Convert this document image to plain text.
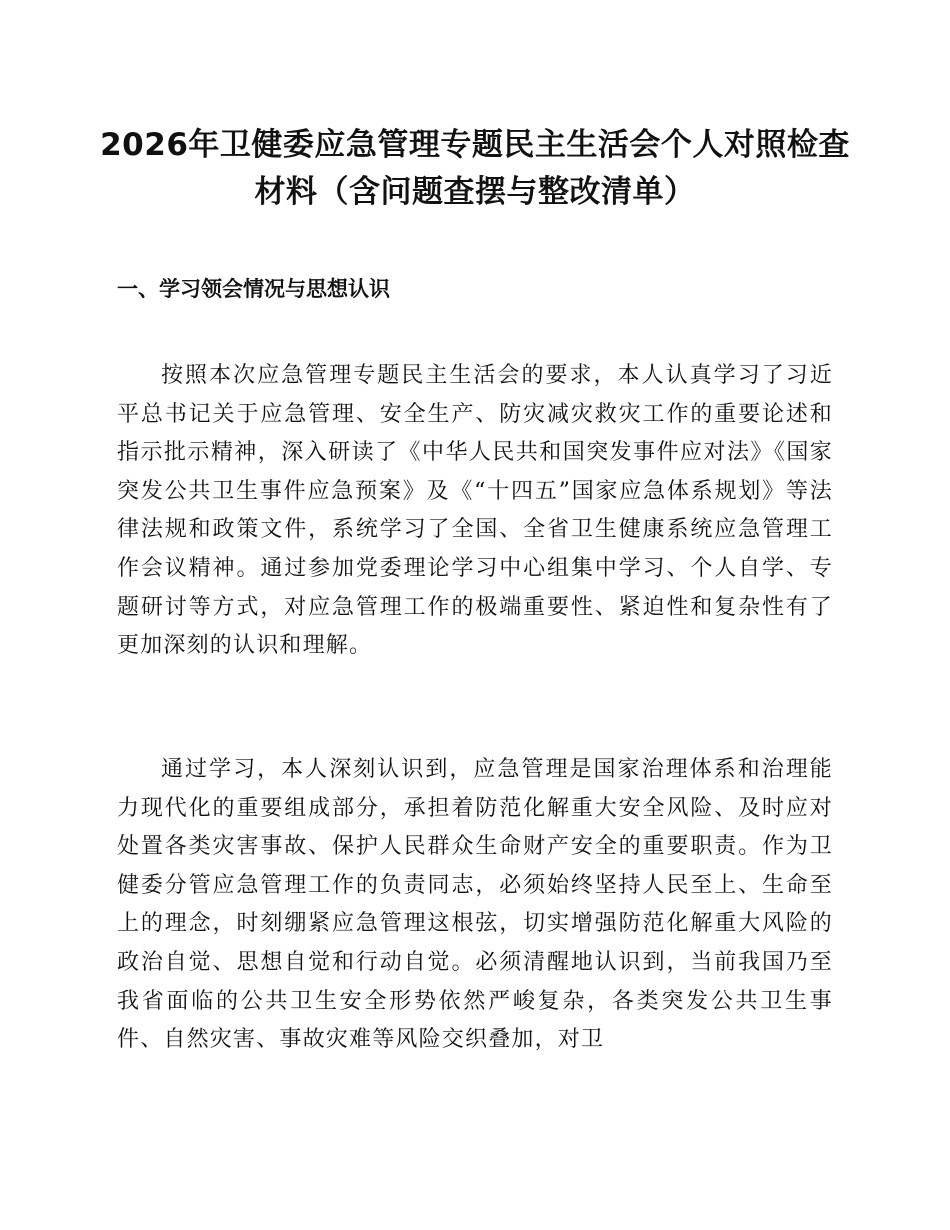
2026年卫健委应急管理专题民主生活会个人对照检查材料（含问题查摆与整改清单）
一、学习领会情况与思想认识

按照本次应急管理专题民主生活会的要求，本人认真学习了习近平总书记关于应急管理、安全生产、防灾减灾救灾工作的重要论述和指示批示精神，深入研读了《中华人民共和国突发事件应对法》《国家突发公共卫生事件应急预案》及《“十四五”国家应急体系规划》等法律法规和政策文件，系统学习了全国、全省卫生健康系统应急管理工作会议精神。通过参加党委理论学习中心组集中学习、个人自学、专题研讨等方式，对应急管理工作的极端重要性、紧迫性和复杂性有了更加深刻的认识和理解。

通过学习，本人深刻认识到，应急管理是国家治理体系和治理能力现代化的重要组成部分，承担着防范化解重大安全风险、及时应对处置各类灾害事故、保护人民群众生命财产安全的重要职责。作为卫健委分管应急管理工作的负责同志，必须始终坚持人民至上、生命至上的理念，时刻绷紧应急管理这根弦，切实增强防范化解重大风险的政治自觉、思想自觉和行动自觉。必须清醒地认识到，当前我国乃至我省面临的公共卫生安全形势依然严峻复杂，各类突发公共卫生事件、自然灾害、事故灾难等风险交织叠加，对卫
